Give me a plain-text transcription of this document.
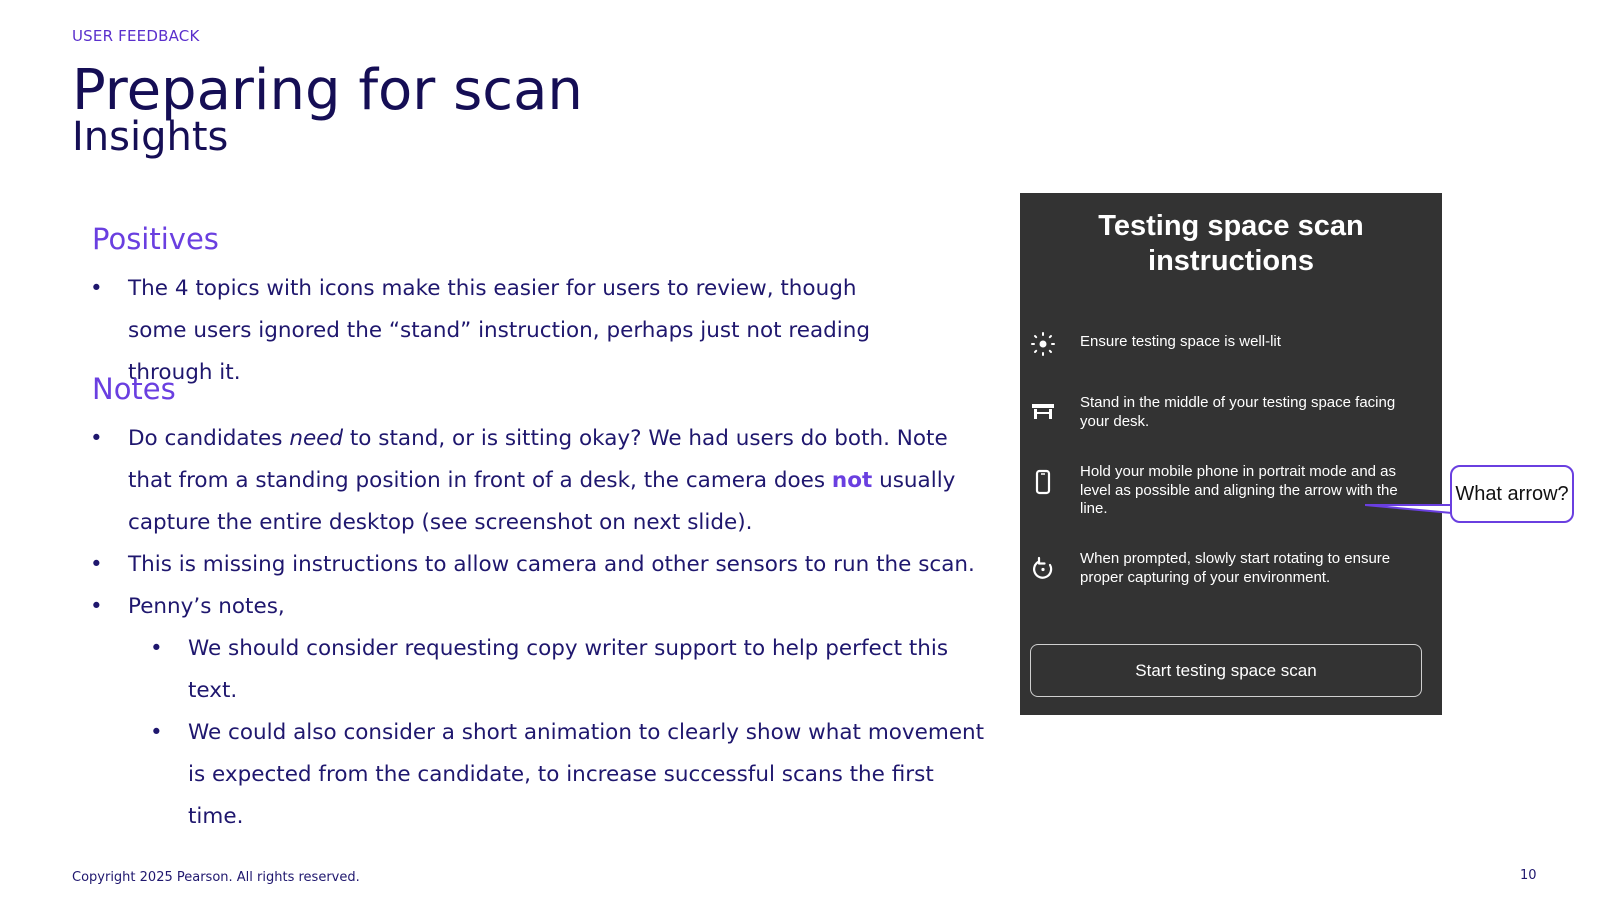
USER FEEDBACK
Preparing for scan
Insights
Positives
• The 4 topics with icons make this easier for users to review, though some users ignored the “stand” instruction, perhaps just not reading through it.
Notes
• Do candidates need to stand, or is sitting okay? We had users do both. Note that from a standing position in front of a desk, the camera does not usually capture the entire desktop (see screenshot on next slide).
• This is missing instructions to allow camera and other sensors to run the scan.
• Penny’s notes,
• We should consider requesting copy writer support to help perfect this text.
• We could also consider a short animation to clearly show what movement is expected from the candidate, to increase successful scans the first time.
Testing space scan
instructions
Ensure testing space is well-lit
Stand in the middle of your testing space facing your desk.
Hold your mobile phone in portrait mode and as level as possible and aligning the arrow with the line.
When prompted, slowly start rotating to ensure proper capturing of your environment.
Start testing space scan
What arrow?
Copyright 2025 Pearson. All rights reserved.	10
